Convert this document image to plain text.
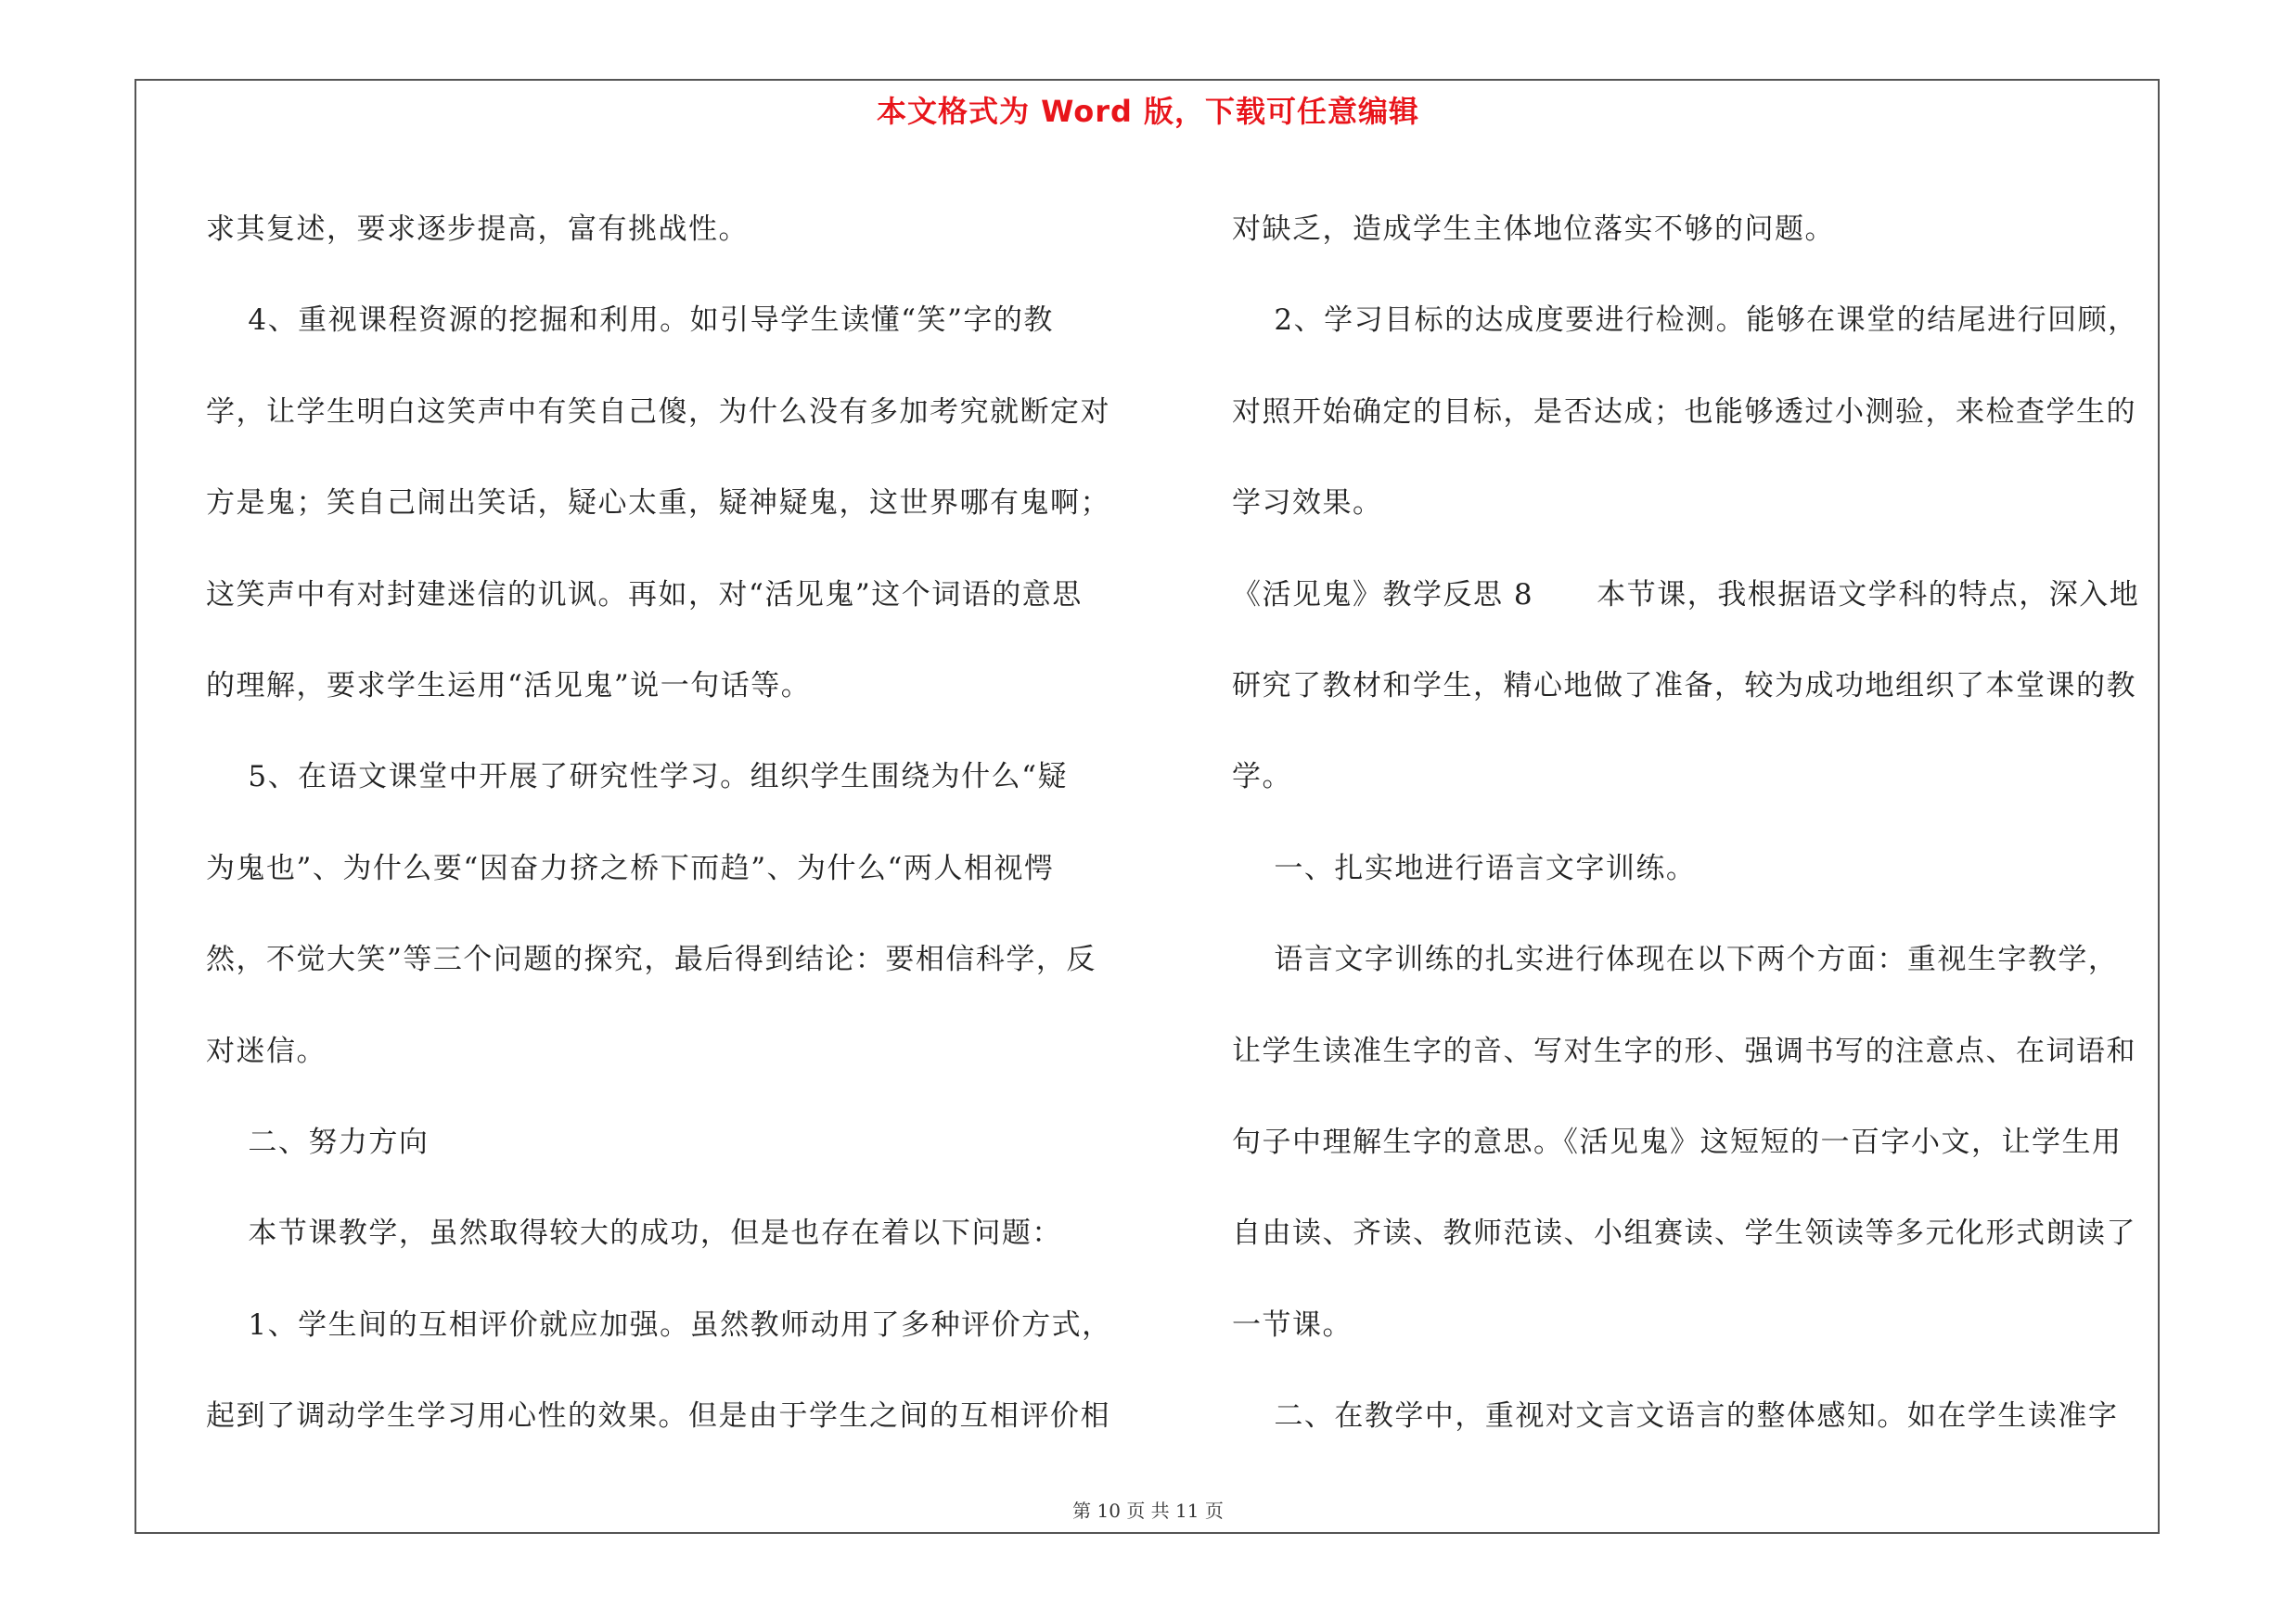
本文格式为 Word 版，下载可任意编辑
求其复述，要求逐步提高，富有挑战性。
4、重视课程资源的挖掘和利用。如引导学生读懂“笑”字的教
学，让学生明白这笑声中有笑自己傻，为什么没有多加考究就断定对
方是鬼；笑自己闹出笑话，疑心太重，疑神疑鬼，这世界哪有鬼啊；
这笑声中有对封建迷信的讥讽。再如，对“活见鬼”这个词语的意思
的理解，要求学生运用“活见鬼”说一句话等。
5、在语文课堂中开展了研究性学习。组织学生围绕为什么“疑
为鬼也”、为什么要“因奋力挤之桥下而趋”、为什么“两人相视愕
然，不觉大笑”等三个问题的探究，最后得到结论：要相信科学，反
对迷信。
二、努力方向
本节课教学，虽然取得较大的成功，但是也存在着以下问题：
1、学生间的互相评价就应加强。虽然教师动用了多种评价方式，
起到了调动学生学习用心性的效果。但是由于学生之间的互相评价相
对缺乏，造成学生主体地位落实不够的问题。
2、学习目标的达成度要进行检测。能够在课堂的结尾进行回顾，
对照开始确定的目标，是否达成；也能够透过小测验，来检查学生的
学习效果。
《活见鬼》教学反思 8      本节课，我根据语文学科的特点，深入地
研究了教材和学生，精心地做了准备，较为成功地组织了本堂课的教
学。
一、扎实地进行语言文字训练。
语言文字训练的扎实进行体现在以下两个方面：重视生字教学，
让学生读准生字的音、写对生字的形、强调书写的注意点、在词语和
句子中理解生字的意思。《活见鬼》这短短的一百字小文，让学生用
自由读、齐读、教师范读、小组赛读、学生领读等多元化形式朗读了
一节课。
二、在教学中，重视对文言文语言的整体感知。如在学生读准字
第 10 页 共 11 页
